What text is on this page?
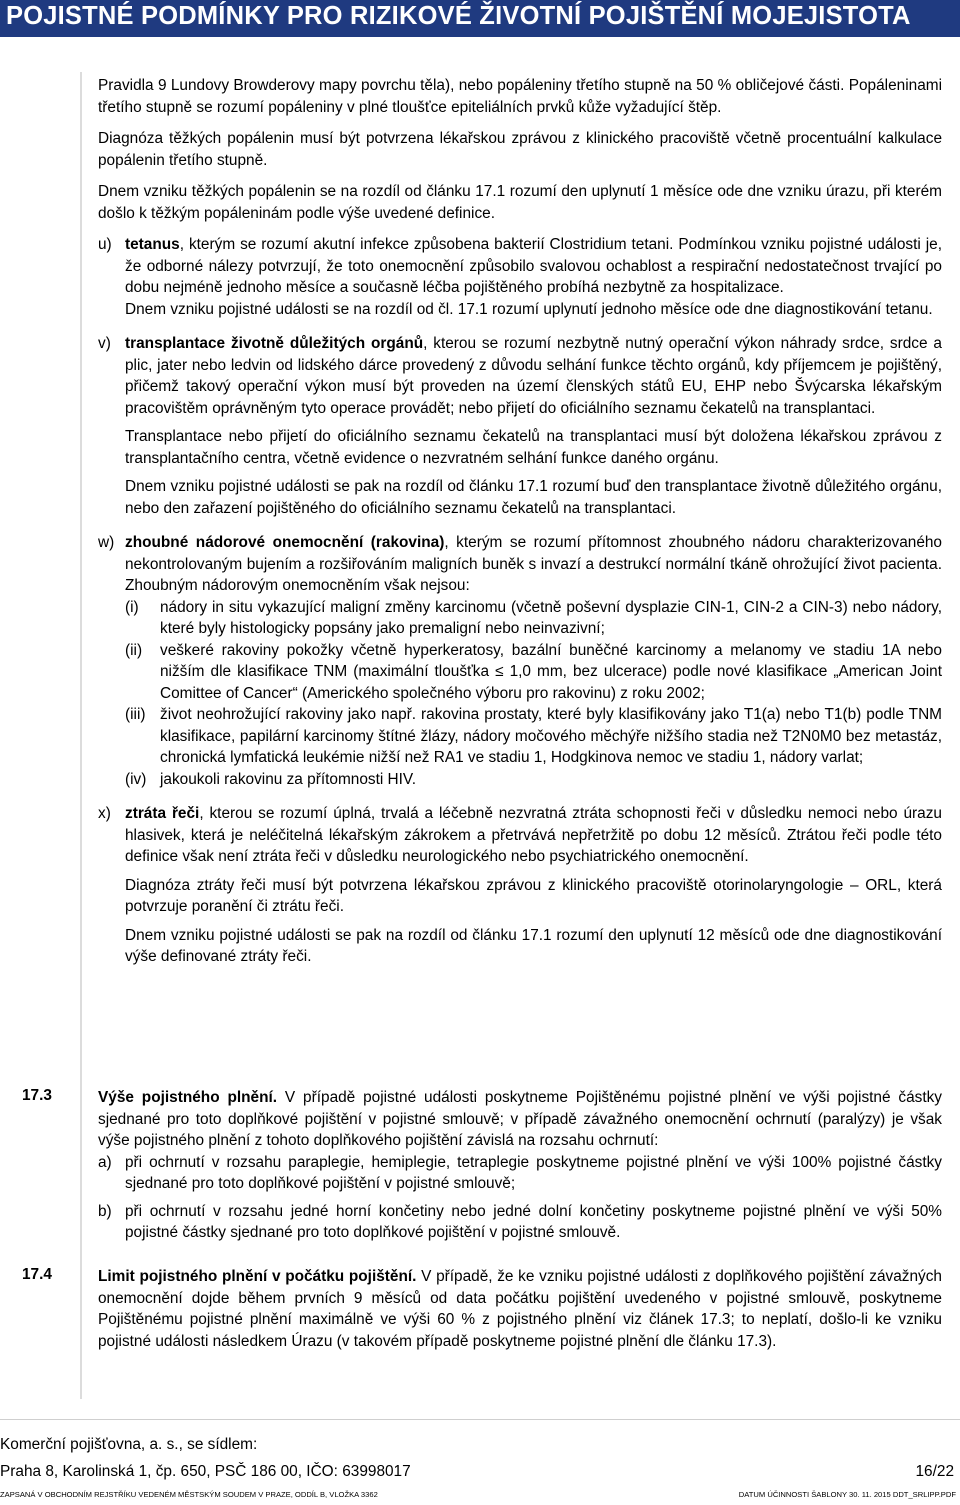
POJISTNÉ PODMÍNKY PRO RIZIKOVÉ ŽIVOTNÍ POJIŠTĚNÍ MOJEJISTOTA

Pravidla 9 Lundovy Browderovy mapy povrchu těla), nebo popáleniny třetího stupně na 50 % obličejové části. Popáleninami třetího stupně se rozumí popáleniny v plné tloušťce epiteliálních prvků kůže vyžadující štěp.

Diagnóza těžkých popálenin musí být potvrzena lékařskou zprávou z klinického pracoviště včetně procentuální kalkulace popálenin třetího stupně.

Dnem vzniku těžkých popálenin se na rozdíl od článku 17.1 rozumí den uplynutí 1 měsíce ode dne vzniku úrazu, při kterém došlo k těžkým popáleninám podle výše uvedené definice.

u) tetanus, kterým se rozumí akutní infekce způsobena bakterií Clostridium tetani. Podmínkou vzniku pojistné události je, že odborné nálezy potvrzují, že toto onemocnění způsobilo svalovou ochablost a respirační nedostatečnost trvající po dobu nejméně jednoho měsíce a současně léčba pojištěného probíhá nezbytně za hospitalizace.

Dnem vzniku pojistné události se na rozdíl od čl. 17.1 rozumí uplynutí jednoho měsíce ode dne diagnostikování tetanu.

v) transplantace životně důležitých orgánů, kterou se rozumí nezbytně nutný operační výkon náhrady srdce, srdce a plic, jater nebo ledvin od lidského dárce provedený z důvodu selhání funkce těchto orgánů, kdy příjemcem je pojištěný, přičemž takový operační výkon musí být proveden na území členských států EU, EHP nebo Švýcarska lékařským pracovištěm oprávněným tyto operace provádět; nebo přijetí do oficiálního seznamu čekatelů na transplantaci.

Transplantace nebo přijetí do oficiálního seznamu čekatelů na transplantaci musí být doložena lékařskou zprávou z transplantačního centra, včetně evidence o nezvratném selhání funkce daného orgánu.

Dnem vzniku pojistné události se pak na rozdíl od článku 17.1 rozumí buď den transplantace životně důležitého orgánu, nebo den zařazení pojištěného do oficiálního seznamu čekatelů na transplantaci.

w) zhoubné nádorové onemocnění (rakovina), kterým se rozumí přítomnost zhoubného nádoru charakterizovaného nekontrolovaným bujením a rozšiřováním maligních buněk s invazí a destrukcí normální tkáně ohrožující život pacienta. Zhoubným nádorovým onemocněním však nejsou:

(i) nádory in situ vykazující maligní změny karcinomu (včetně poševní dysplazie CIN-1, CIN-2 a CIN-3) nebo nádory, které byly histologicky popsány jako premaligní nebo neinvazivní;
(ii) veškeré rakoviny pokožky včetně hyperkeratosy, bazální buněčné karcinomy a melanomy ve stadiu 1A nebo nižším dle klasifikace TNM (maximální tloušťka ≤ 1,0 mm, bez ulcerace) podle nové klasifikace „American Joint Comittee of Cancer“ (Amerického společného výboru pro rakovinu) z roku 2002;
(iii) život neohrožující rakoviny jako např. rakovina prostaty, které byly klasifikovány jako T1(a) nebo T1(b) podle TNM klasifikace, papilární karcinomy štítné žlázy, nádory močového měchýře nižšího stadia než T2N0M0 bez metastáz, chronická lymfatická leukémie nižší než RA1 ve stadiu 1, Hodgkinova nemoc ve stadiu 1, nádory varlat;
(iv) jakoukoli rakovinu za přítomnosti HIV.
x) ztráta řeči, kterou se rozumí úplná, trvalá a léčebně nezvratná ztráta schopnosti řeči v důsledku nemoci nebo úrazu hlasivek, která je neléčitelná lékařským zákrokem a přetrvává nepřetržitě po dobu 12 měsíců. Ztrátou řeči podle této definice však není ztráta řeči v důsledku neurologického nebo psychiatrického onemocnění.

Diagnóza ztráty řeči musí být potvrzena lékařskou zprávou z klinického pracoviště otorinolaryngologie – ORL, která potvrzuje poranění či ztrátu řeči.

Dnem vzniku pojistné události se pak na rozdíl od článku 17.1 rozumí den uplynutí 12 měsíců ode dne diagnostikování výše definované ztráty řeči.

17.3	Výše pojistného plnění. V případě pojistné události poskytneme Pojištěnému pojistné plnění ve výši pojistné částky sjednané pro toto doplňkové pojištění v pojistné smlouvě; v případě závažného onemocnění ochrnutí (paralýzy) je však výše pojistného plnění z tohoto doplňkového pojištění závislá na rozsahu ochrnutí:

a) při ochrnutí v rozsahu paraplegie, hemiplegie, tetraplegie poskytneme pojistné plnění ve výši 100% pojistné částky sjednané pro toto doplňkové pojištění v pojistné smlouvě;

b) při ochrnutí v rozsahu jedné horní končetiny nebo jedné dolní končetiny poskytneme pojistné plnění ve výši 50% pojistné částky sjednané pro toto doplňkové pojištění v pojistné smlouvě.

17.4	Limit pojistného plnění v počátku pojištění. V případě, že ke vzniku pojistné události z doplňkového pojištění závažných onemocnění dojde během prvních 9 měsíců od data počátku pojištění uvedeného v pojistné smlouvě, poskytneme Pojištěnému pojistné plnění maximálně ve výši 60 % z pojistného plnění viz článek 17.3; to neplatí, došlo-li ke vzniku pojistné události následkem Úrazu (v takovém případě poskytneme pojistné plnění dle článku 17.3).

Komerční pojišťovna, a. s., se sídlem:
Praha 8, Karolinská 1, čp. 650, PSČ 186 00, IČO: 63998017	16/22
ZAPSANÁ V OBCHODNÍM REJSTŘÍKU VEDENÉM MĚSTSKÝM SOUDEM V PRAZE, ODDÍL B, VLOŽKA 3362	DATUM ÚČINNOSTI ŠABLONY 30. 11. 2015 DDT_SRLIPP.PDF
